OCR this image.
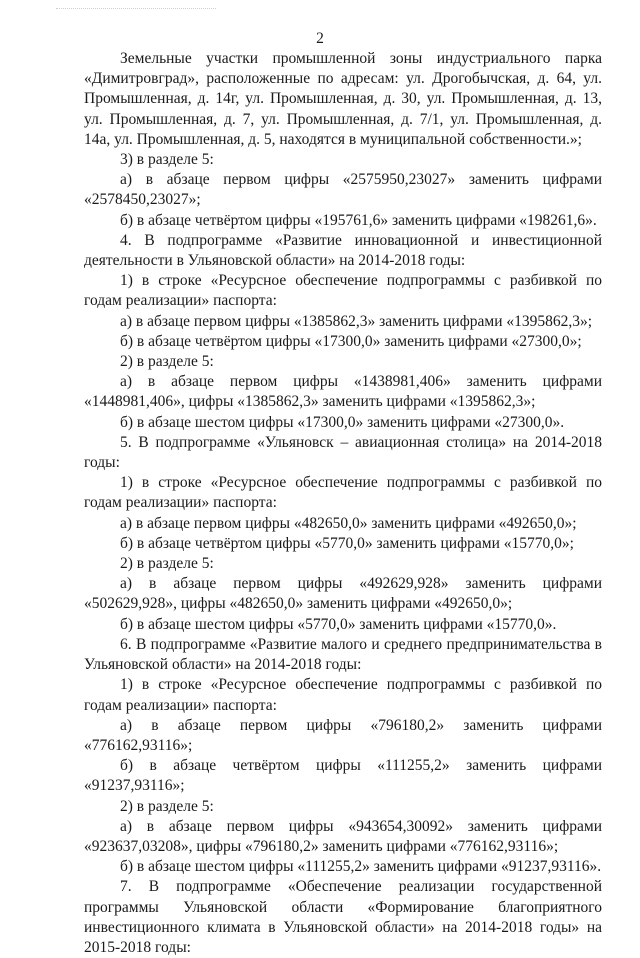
2

Земельные участки промышленной зоны индустриального парка «Димитровград», расположенные по адресам: ул. Дрогобычская, д. 64, ул. Промышленная, д. 14г, ул. Промышленная, д. 30, ул. Промышленная, д. 13, ул. Промышленная, д. 7, ул. Промышленная, д. 7/1, ул. Промышленная, д. 14а, ул. Промышленная, д. 5, находятся в муниципальной собственности.»;

3) в разделе 5:

а) в абзаце первом цифры «2575950,23027» заменить цифрами «2578450,23027»;

б) в абзаце четвёртом цифры «195761,6» заменить цифрами «198261,6».

4. В подпрограмме «Развитие инновационной и инвестиционной деятельности в Ульяновской области» на 2014-2018 годы:

1) в строке «Ресурсное обеспечение подпрограммы с разбивкой по годам реализации» паспорта:

а) в абзаце первом цифры «1385862,3» заменить цифрами «1395862,3»;

б) в абзаце четвёртом цифры «17300,0» заменить цифрами «27300,0»;

2) в разделе 5:

а) в абзаце первом цифры «1438981,406» заменить цифрами «1448981,406», цифры «1385862,3» заменить цифрами «1395862,3»;

б) в абзаце шестом цифры «17300,0» заменить цифрами «27300,0».

5. В подпрограмме «Ульяновск – авиационная столица» на 2014-2018 годы:

1) в строке «Ресурсное обеспечение подпрограммы с разбивкой по годам реализации» паспорта:

а) в абзаце первом цифры «482650,0» заменить цифрами «492650,0»;

б) в абзаце четвёртом цифры «5770,0» заменить цифрами «15770,0»;

2) в разделе 5:

а) в абзаце первом цифры «492629,928» заменить цифрами «502629,928», цифры «482650,0» заменить цифрами «492650,0»;

б) в абзаце шестом цифры «5770,0» заменить цифрами «15770,0».

6. В подпрограмме «Развитие малого и среднего предпринимательства в Ульяновской области» на 2014-2018 годы:

1) в строке «Ресурсное обеспечение подпрограммы с разбивкой по годам реализации» паспорта:

а) в абзаце первом цифры «796180,2» заменить цифрами «776162,93116»;

б) в абзаце четвёртом цифры «111255,2» заменить цифрами «91237,93116»;

2) в разделе 5:

а) в абзаце первом цифры «943654,30092» заменить цифрами «923637,03208», цифры «796180,2» заменить цифрами «776162,93116»;

б) в абзаце шестом цифры «111255,2» заменить цифрами «91237,93116».

7. В подпрограмме «Обеспечение реализации государственной программы Ульяновской области «Формирование благоприятного инвестиционного климата в Ульяновской области» на 2014-2018 годы» на 2015-2018 годы:
